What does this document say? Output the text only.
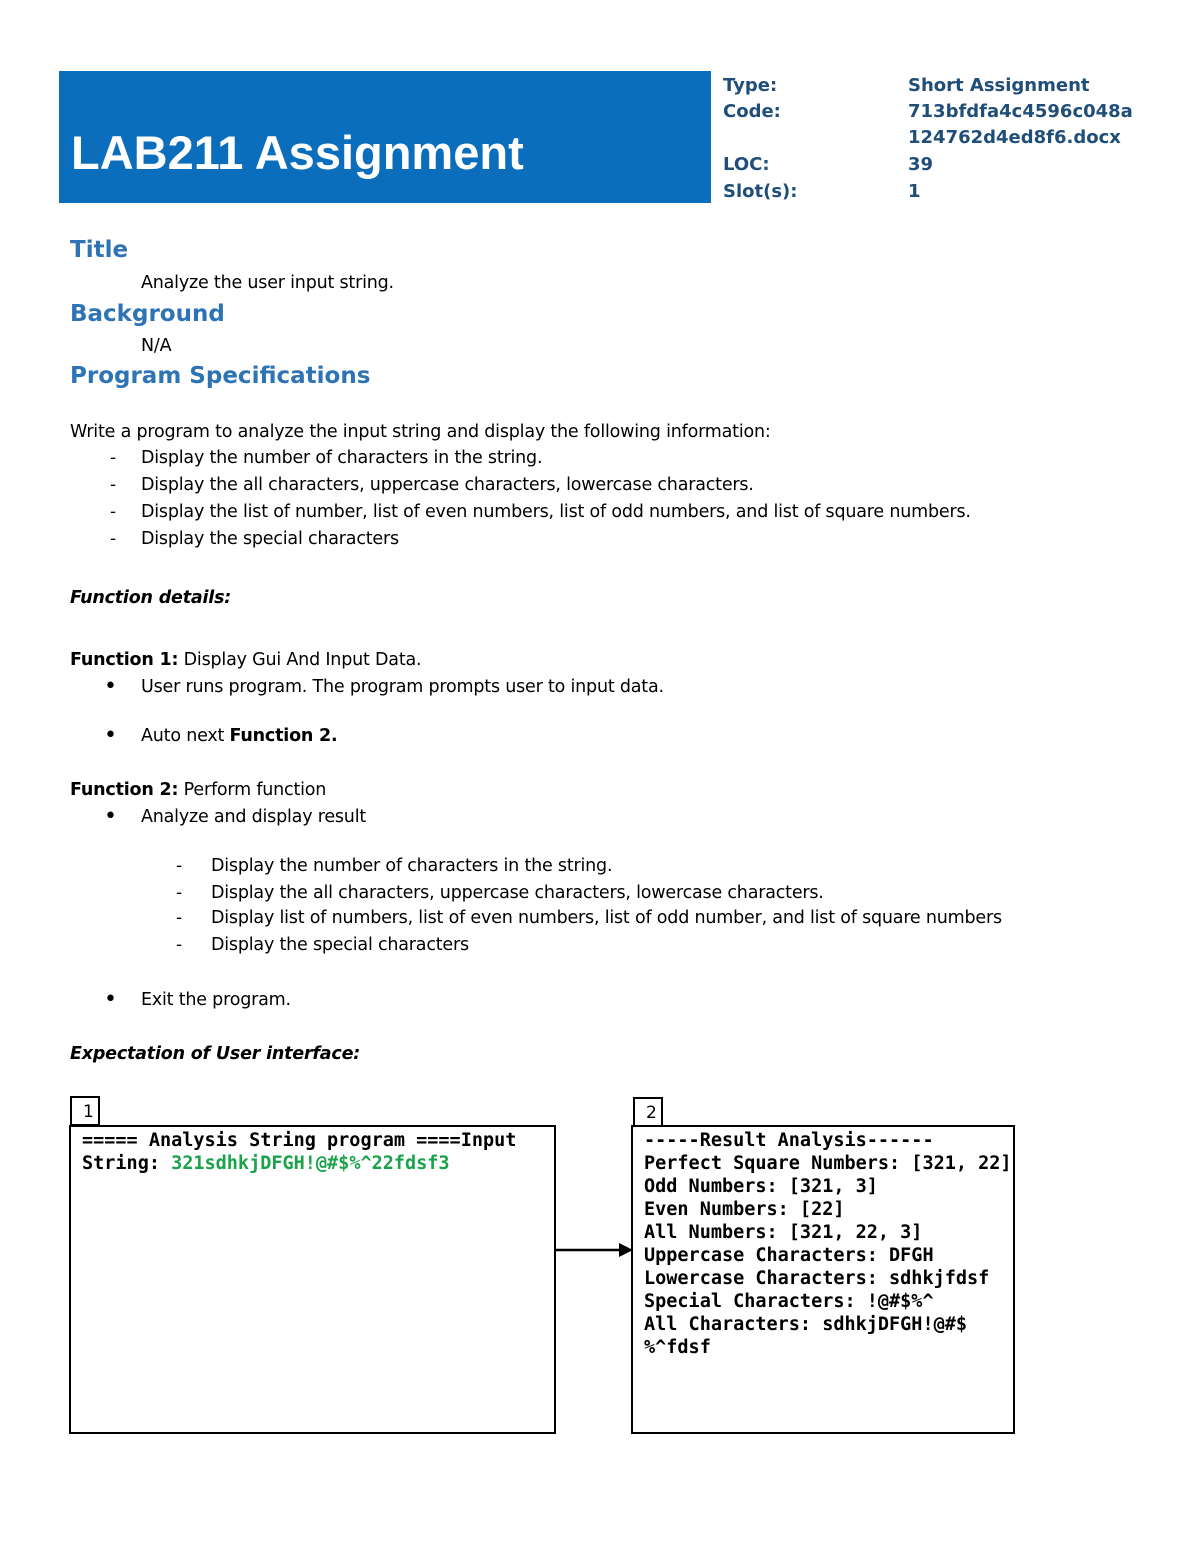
LAB211 Assignment
Type:	Short Assignment
Code:	713bfdfa4c4596c048a
124762d4ed8f6.docx
LOC:	39
Slot(s):	1
Title
Analyze the user input string.
Background
N/A
Program Specifications
Write a program to analyze the input string and display the following information:
- Display the number of characters in the string.
- Display the all characters, uppercase characters, lowercase characters.
- Display the list of number, list of even numbers, list of odd numbers, and list of square numbers.
- Display the special characters
Function details:
Function 1: Display Gui And Input Data.
• User runs program. The program prompts user to input data.
• Auto next Function 2.
Function 2: Perform function
• Analyze and display result
- Display the number of characters in the string.
- Display the all characters, uppercase characters, lowercase characters.
- Display list of numbers, list of even numbers, list of odd number, and list of square numbers
- Display the special characters
• Exit the program.
Expectation of User interface:
1
===== Analysis String program ====Input
String: 321sdhkjDFGH!@#$%^22fdsf3
2
-----Result Analysis------
Perfect Square Numbers: [321, 22]
Odd Numbers: [321, 3]
Even Numbers: [22]
All Numbers: [321, 22, 3]
Uppercase Characters: DFGH
Lowercase Characters: sdhkjfdsf
Special Characters: !@#$%^
All Characters: sdhkjDFGH!@#$
%^fdsf
